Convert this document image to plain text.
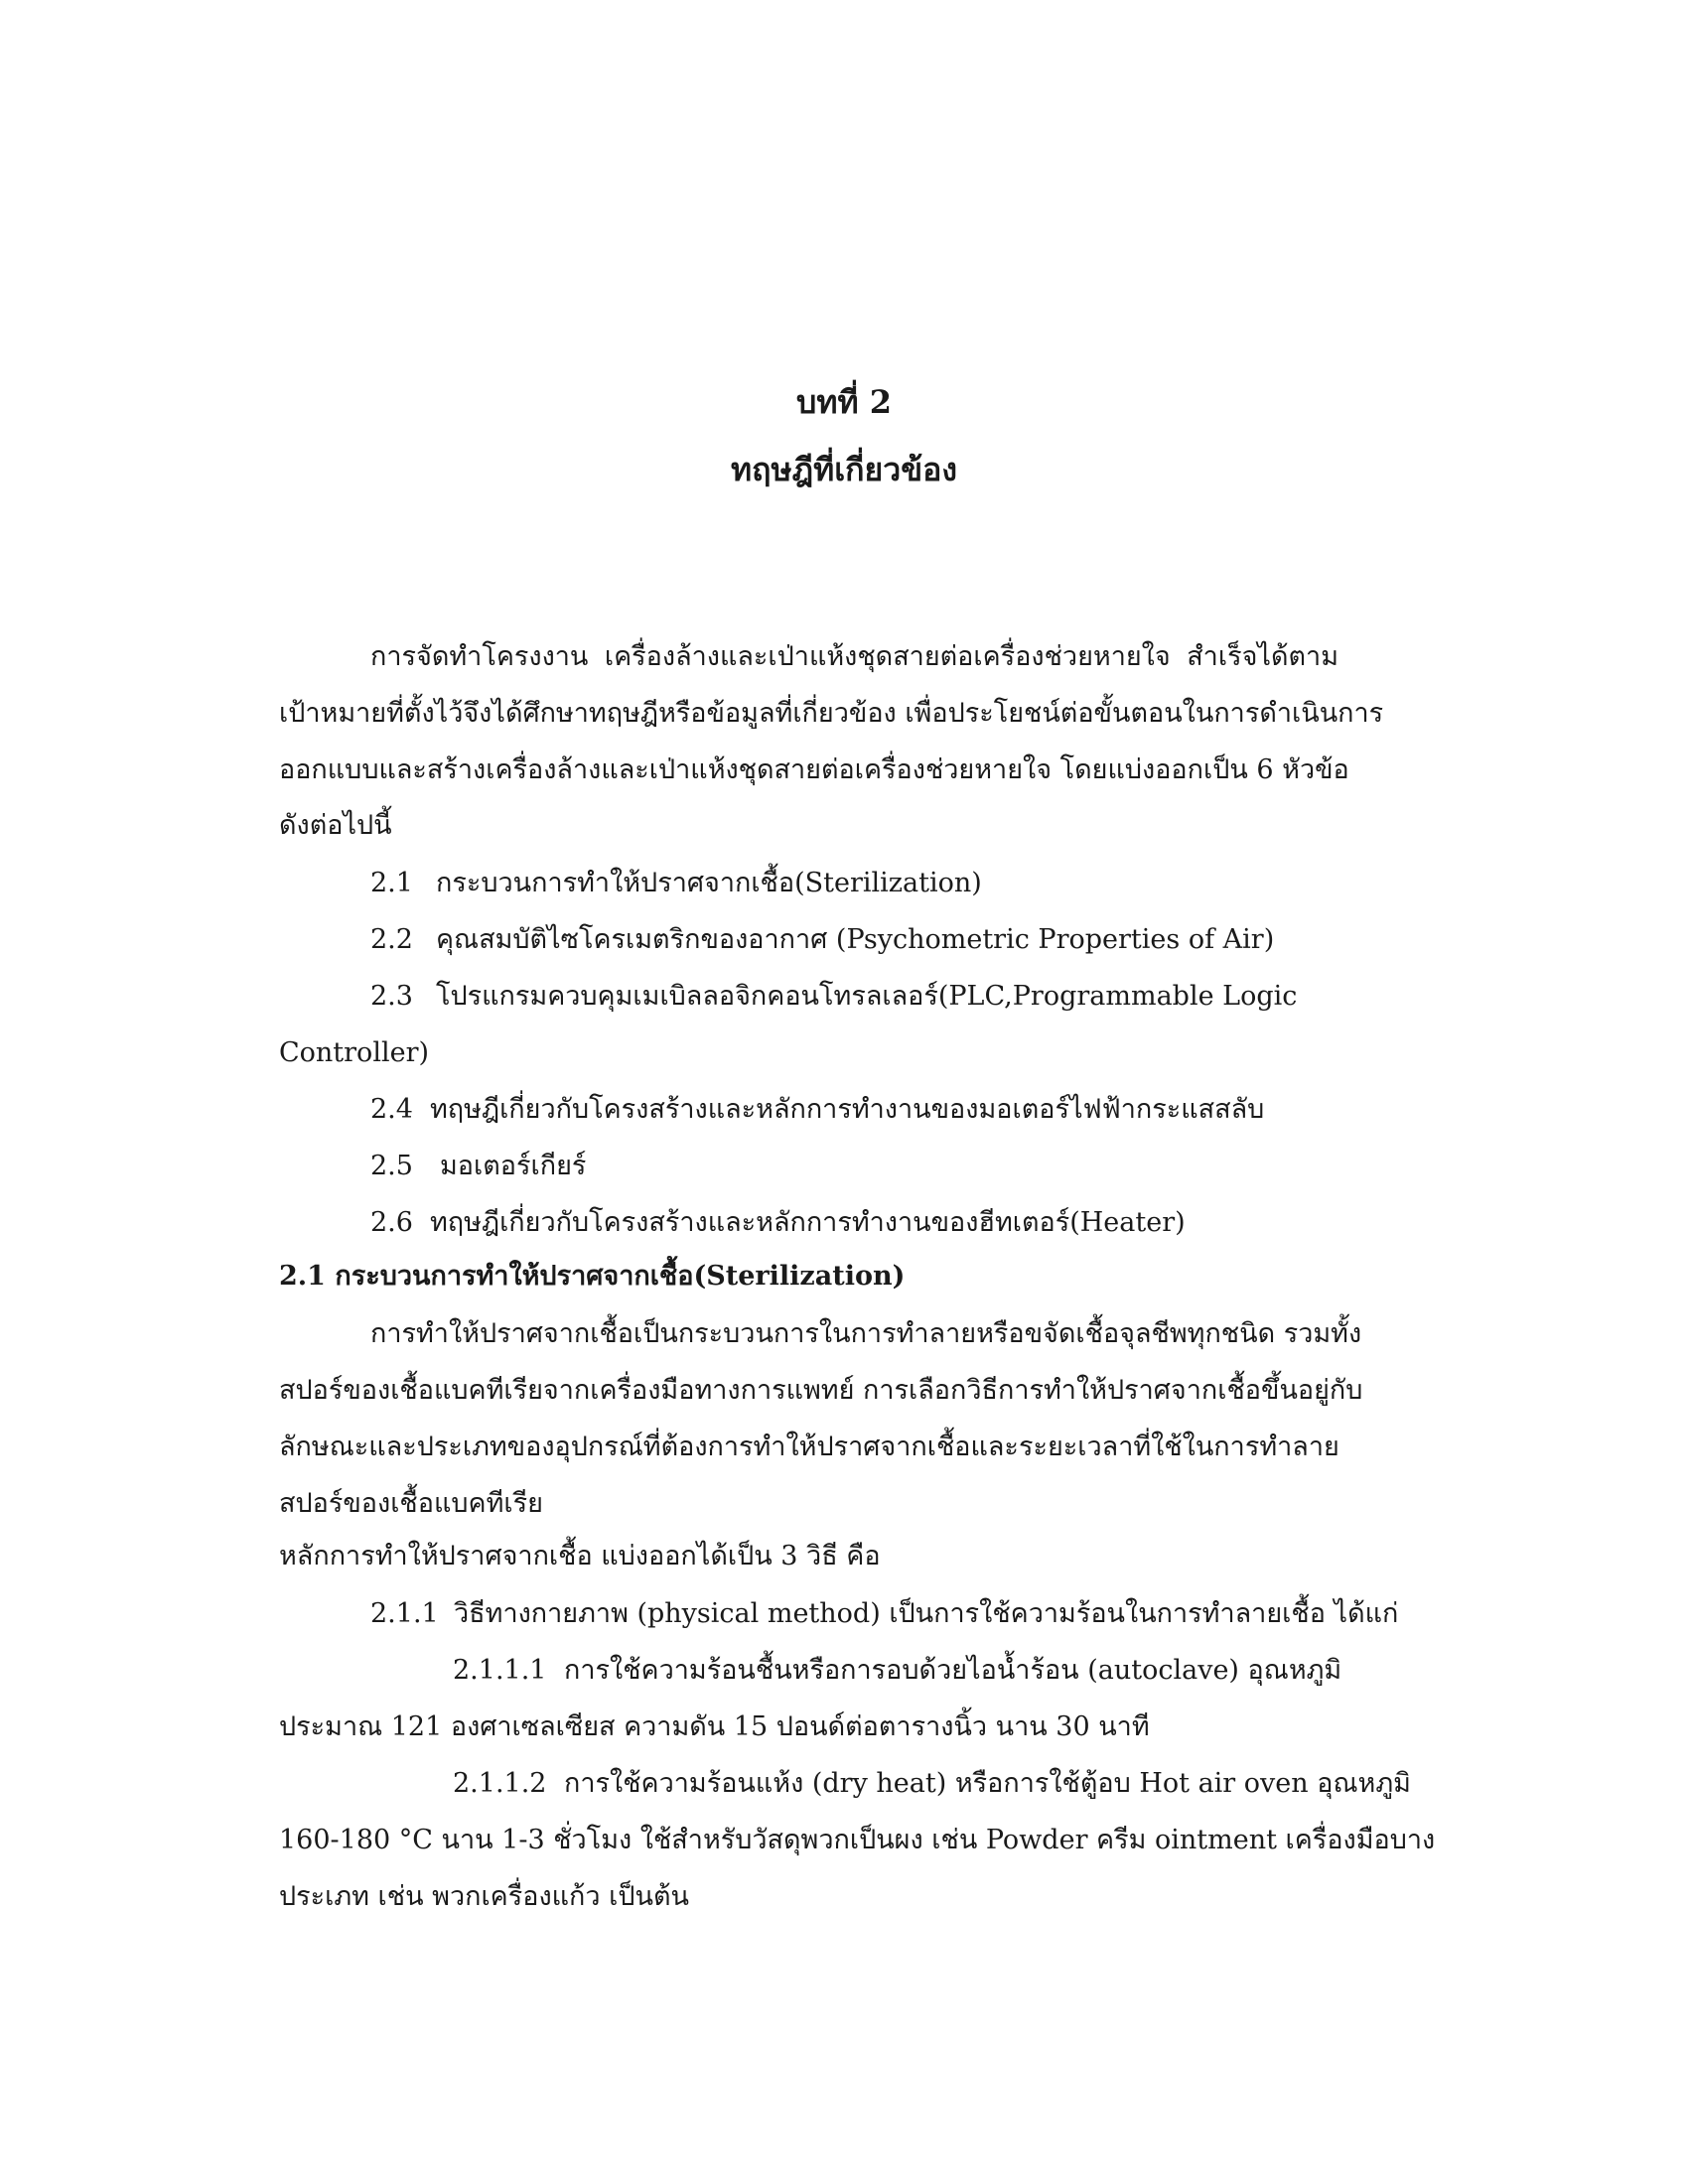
บทที่ 2
ทฤษฎีที่เกี่ยวข้อง
การจัดทำโครงงาน เครื่องล้างและเป่าแห้งชุดสายต่อเครื่องช่วยหายใจ สำเร็จได้ตาม
เป้าหมายที่ตั้งไว้จึงได้ศึกษาทฤษฎีหรือข้อมูลที่เกี่ยวข้อง เพื่อประโยชน์ต่อขั้นตอนในการดำเนินการ
ออกแบบและสร้างเครื่องล้างและเป่าแห้งชุดสายต่อเครื่องช่วยหายใจ โดยแบ่งออกเป็น 6 หัวข้อ
ดังต่อไปนี้
2.1 กระบวนการทำให้ปราศจากเชื้อ(Sterilization)
2.2 คุณสมบัติไซโครเมตริกของอากาศ (Psychometric Properties of Air)
2.3 โปรแกรมควบคุมเมเบิลลอจิกคอนโทรลเลอร์(PLC,Programmable Logic
Controller)
2.4 ทฤษฎีเกี่ยวกับโครงสร้างและหลักการทำงานของมอเตอร์ไฟฟ้ากระแสสลับ
2.5 มอเตอร์เกียร์
2.6 ทฤษฎีเกี่ยวกับโครงสร้างและหลักการทำงานของฮีทเตอร์(Heater)
2.1 กระบวนการทำให้ปราศจากเชื้อ(Sterilization)
การทำให้ปราศจากเชื้อเป็นกระบวนการในการทำลายหรือขจัดเชื้อจุลชีพทุกชนิด รวมทั้ง
สปอร์ของเชื้อแบคทีเรียจากเครื่องมือทางการแพทย์ การเลือกวิธีการทำให้ปราศจากเชื้อขึ้นอยู่กับ
ลักษณะและประเภทของอุปกรณ์ที่ต้องการทำให้ปราศจากเชื้อและระยะเวลาที่ใช้ในการทำลาย
สปอร์ของเชื้อแบคทีเรีย
หลักการทำให้ปราศจากเชื้อ แบ่งออกได้เป็น 3 วิธี คือ
2.1.1 วิธีทางกายภาพ (physical method) เป็นการใช้ความร้อนในการทำลายเชื้อ ได้แก่
2.1.1.1 การใช้ความร้อนชื้นหรือการอบด้วยไอน้ำร้อน (autoclave) อุณหภูมิ
ประมาณ 121 องศาเซลเซียส ความดัน 15 ปอนด์ต่อตารางนิ้ว นาน 30 นาที
2.1.1.2 การใช้ความร้อนแห้ง (dry heat) หรือการใช้ตู้อบ Hot air oven อุณหภูมิ
160-180 °C นาน 1-3 ชั่วโมง ใช้สำหรับวัสดุพวกเป็นผง เช่น Powder ครีม ointment เครื่องมือบาง
ประเภท เช่น พวกเครื่องแก้ว เป็นต้น
